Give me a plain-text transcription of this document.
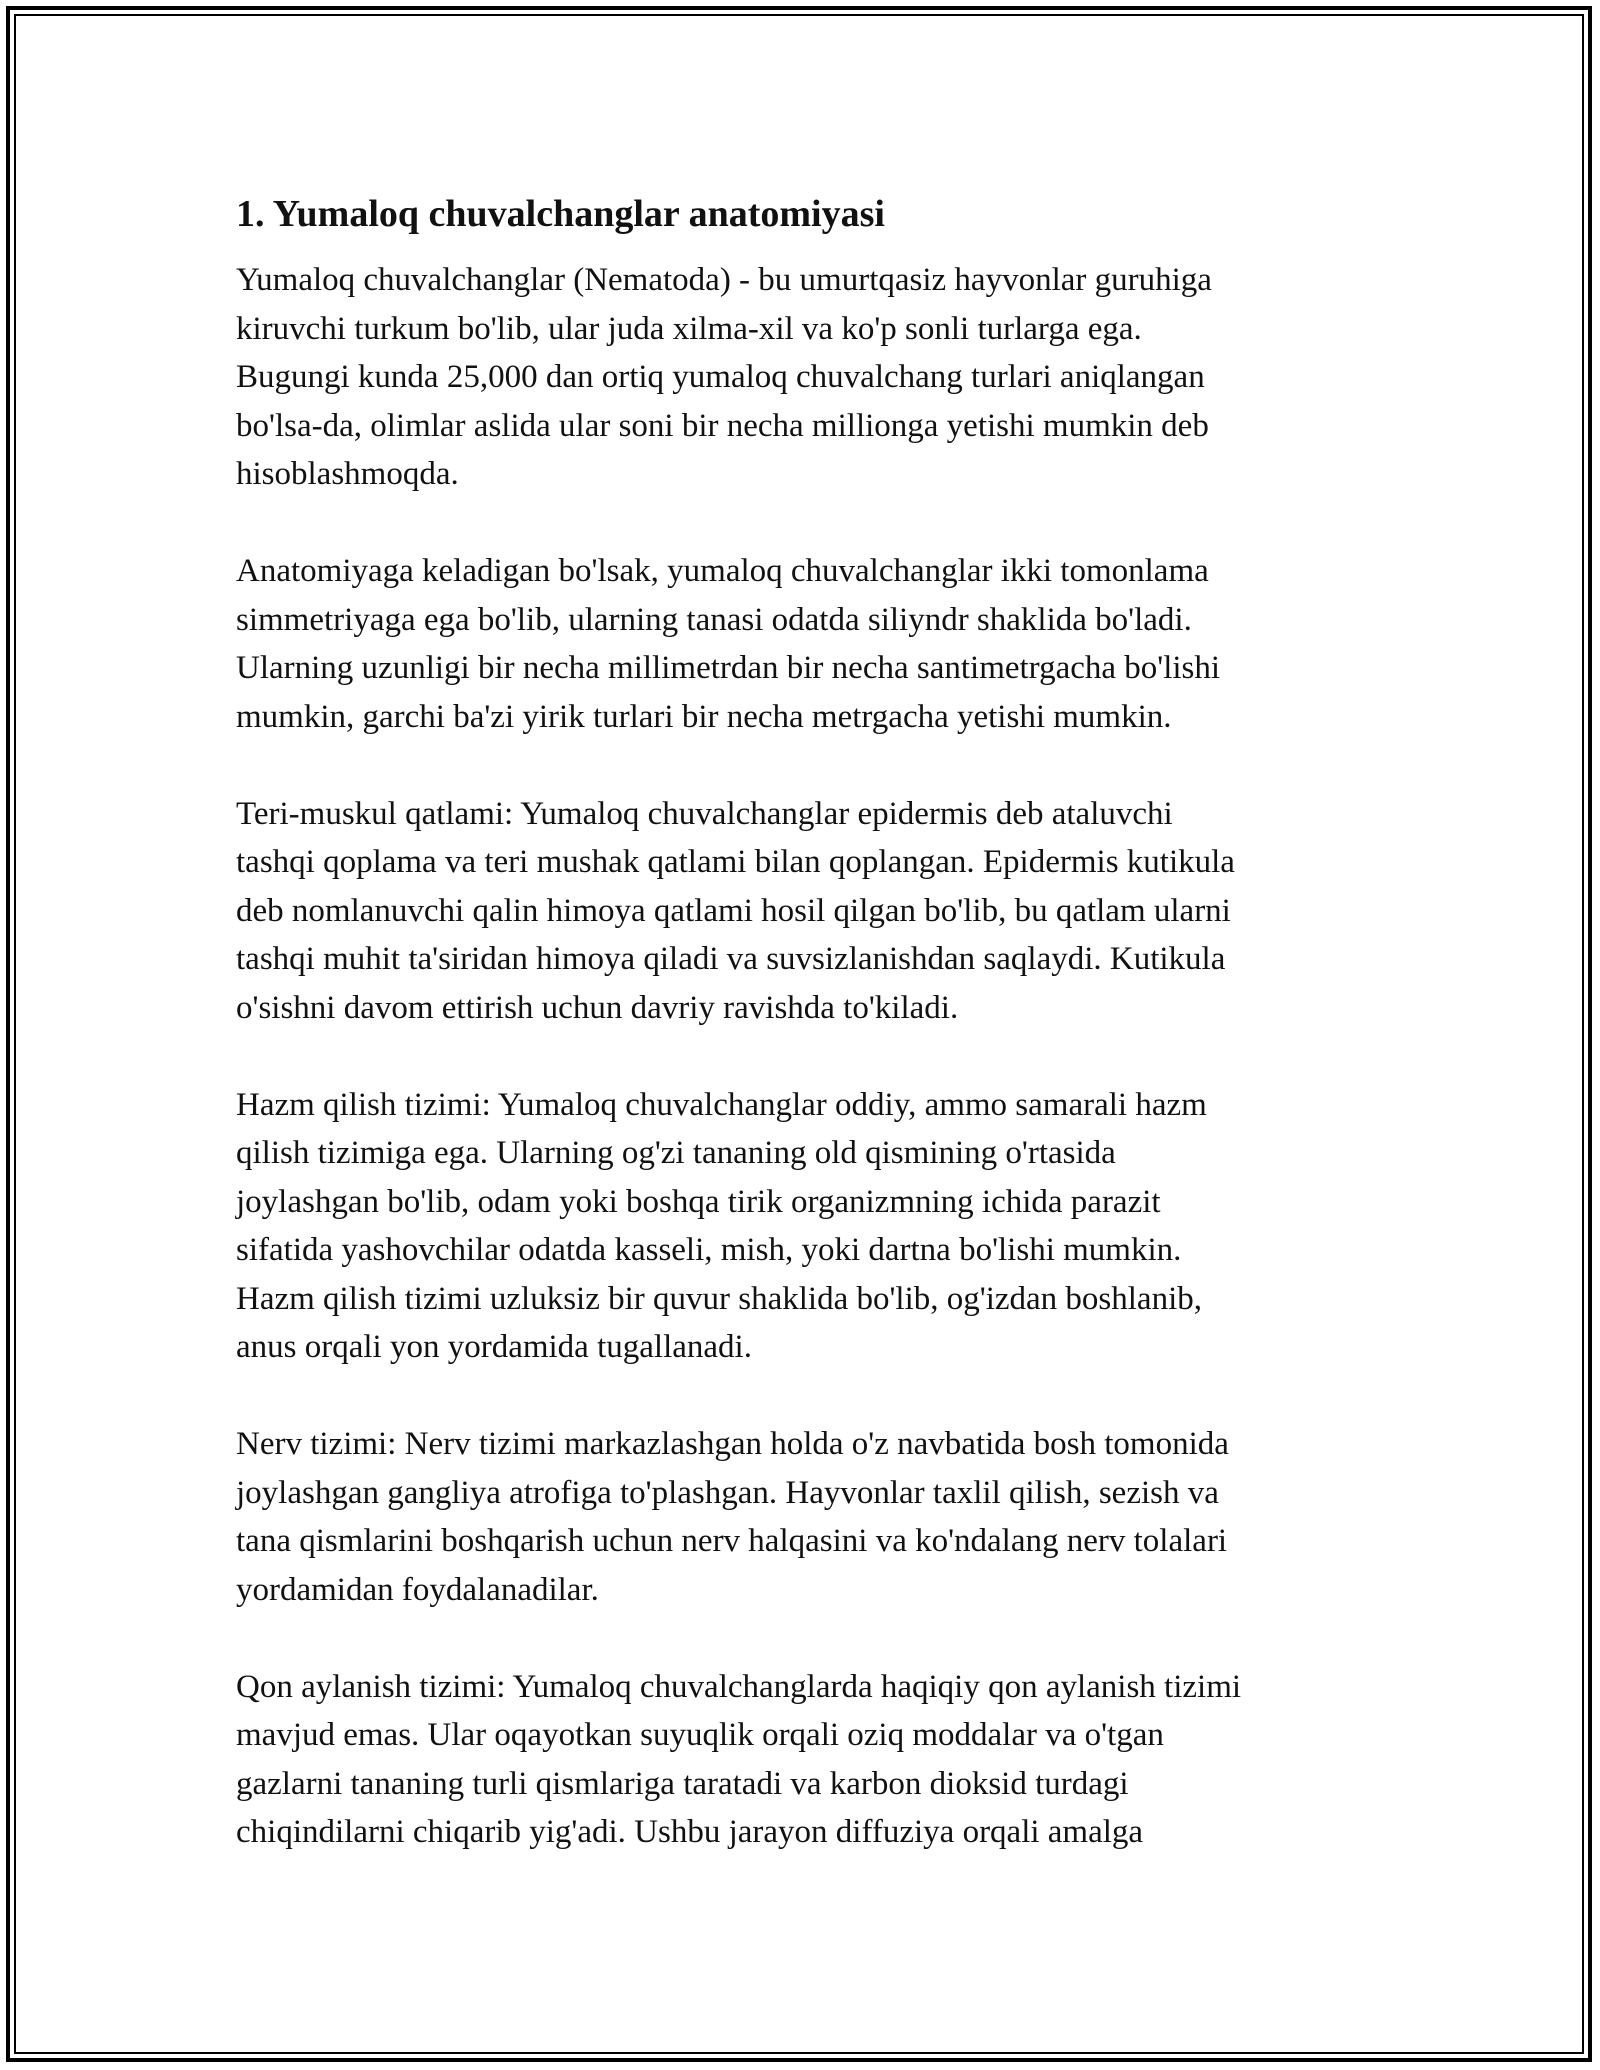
1. Yumaloq chuvalchanglar anatomiyasi
Yumaloq chuvalchanglar (Nematoda) - bu umurtqasiz hayvonlar guruhiga
kiruvchi turkum bo'lib, ular juda xilma-xil va ko'p sonli turlarga ega.
Bugungi kunda 25,000 dan ortiq yumaloq chuvalchang turlari aniqlangan
bo'lsa-da, olimlar aslida ular soni bir necha millionga yetishi mumkin deb
hisoblashmoqda.
Anatomiyaga keladigan bo'lsak, yumaloq chuvalchanglar ikki tomonlama
simmetriyaga ega bo'lib, ularning tanasi odatda siliyndr shaklida bo'ladi.
Ularning uzunligi bir necha millimetrdan bir necha santimetrgacha bo'lishi
mumkin, garchi ba'zi yirik turlari bir necha metrgacha yetishi mumkin.
Teri-muskul qatlami: Yumaloq chuvalchanglar epidermis deb ataluvchi
tashqi qoplama va teri mushak qatlami bilan qoplangan. Epidermis kutikula
deb nomlanuvchi qalin himoya qatlami hosil qilgan bo'lib, bu qatlam ularni
tashqi muhit ta'siridan himoya qiladi va suvsizlanishdan saqlaydi. Kutikula
o'sishni davom ettirish uchun davriy ravishda to'kiladi.
Hazm qilish tizimi: Yumaloq chuvalchanglar oddiy, ammo samarali hazm
qilish tizimiga ega. Ularning og'zi tananing old qismining o'rtasida
joylashgan bo'lib, odam yoki boshqa tirik organizmning ichida parazit
sifatida yashovchilar odatda kasseli, mish, yoki dartna bo'lishi mumkin.
Hazm qilish tizimi uzluksiz bir quvur shaklida bo'lib, og'izdan boshlanib,
anus orqali yon yordamida tugallanadi.
Nerv tizimi: Nerv tizimi markazlashgan holda o'z navbatida bosh tomonida
joylashgan gangliya atrofiga to'plashgan. Hayvonlar taxlil qilish, sezish va
tana qismlarini boshqarish uchun nerv halqasini va ko'ndalang nerv tolalari
yordamidan foydalanadilar.
Qon aylanish tizimi: Yumaloq chuvalchanglarda haqiqiy qon aylanish tizimi
mavjud emas. Ular oqayotkan suyuqlik orqali oziq moddalar va o'tgan
gazlarni tananing turli qismlariga taratadi va karbon dioksid turdagi
chiqindilarni chiqarib yig'adi. Ushbu jarayon diffuziya orqali amalga
